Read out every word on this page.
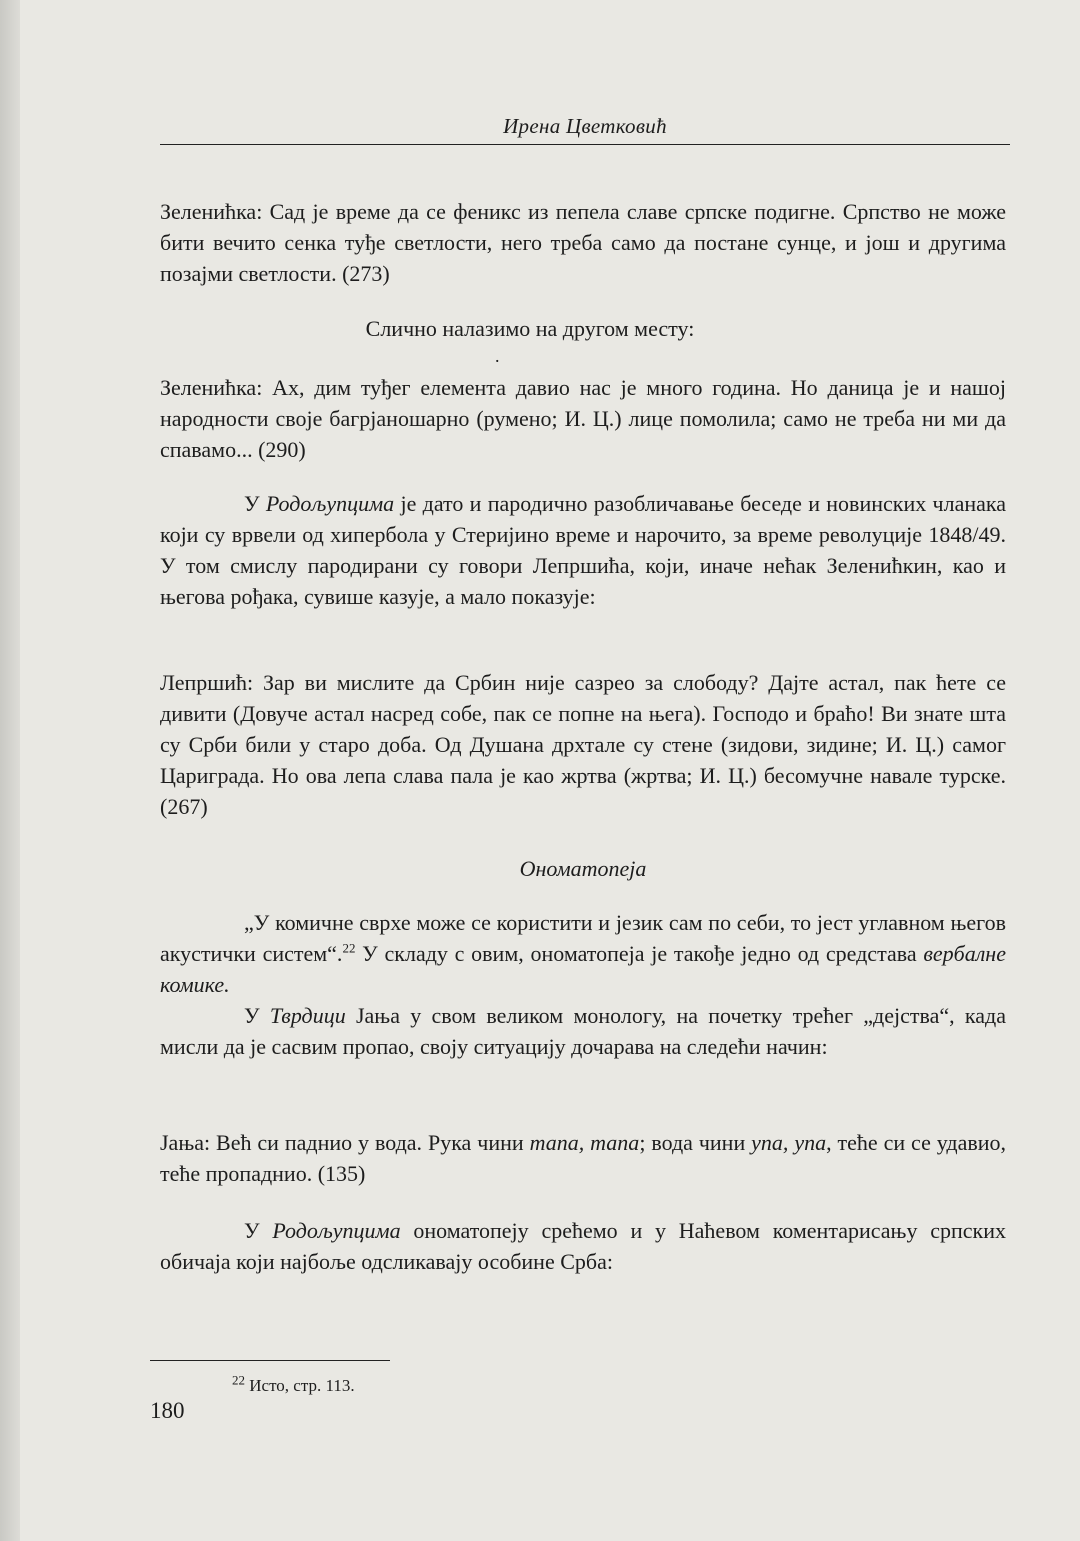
Ирена Цветковић

Зеленићка: Сад је време да се феникс из пепела славе српске подигне. Српство не може бити вечито сенка туђе светлости, него треба само да постане сунце, и још и другима позајми светлости. (273)

Слично налазимо на другом месту:

.

Зеленићка: Ах, дим туђег елемента давио нас је много година. Но даница је и нашој народности своје багрјаношарно (румено; И. Ц.) лице помолила; само не треба ни ми да спавамо... (290)

У Родољупцима је дато и пародично разобличавање беседе и новинских чланака који су врвели од хипербола у Стеријино време и нарочито, за време револуције 1848/49. У том смислу пародирани су говори Лепршића, који, иначе нећак Зеленићкин, као и његова рођака, сувише казује, а мало показује:

Лепршић: Зар ви мислите да Србин није сазрео за слободу? Дајте астал, пак ћете се дивити (Довуче астал насред собе, пак се попне на њега). Господо и браћо! Ви знате шта су Срби били у старо доба. Од Душана дрхтале су стене (зидови, зидине; И. Ц.) самог Цариграда. Но ова лепа слава пала је као жртва (жртва; И. Ц.) бесомучне навале турске. (267)

Ономатопеја

„У комичне сврхе може се користити и језик сам по себи, то јест углавном његов акустички систем“.$^{22}$ У складу с овим, ономатопеја је такође једно од средстава вербалне комике.

У Тврдици Јања у свом великом монологу, на почетку трећег „дејства“, када мисли да је сасвим пропао, своју ситуацију дочарава на следећи начин:

Јања: Већ си паднио у вода. Рука чини тапа, тапа; вода чини упа, упа, теће си се удавио, теће пропаднио. (135)

У Родољупцима ономатопеју срећемо и у Наћевом коментарисању српских обичаја који најбоље одсликавају особине Срба:

$^{22}$ Исто, стр. 113.
180
